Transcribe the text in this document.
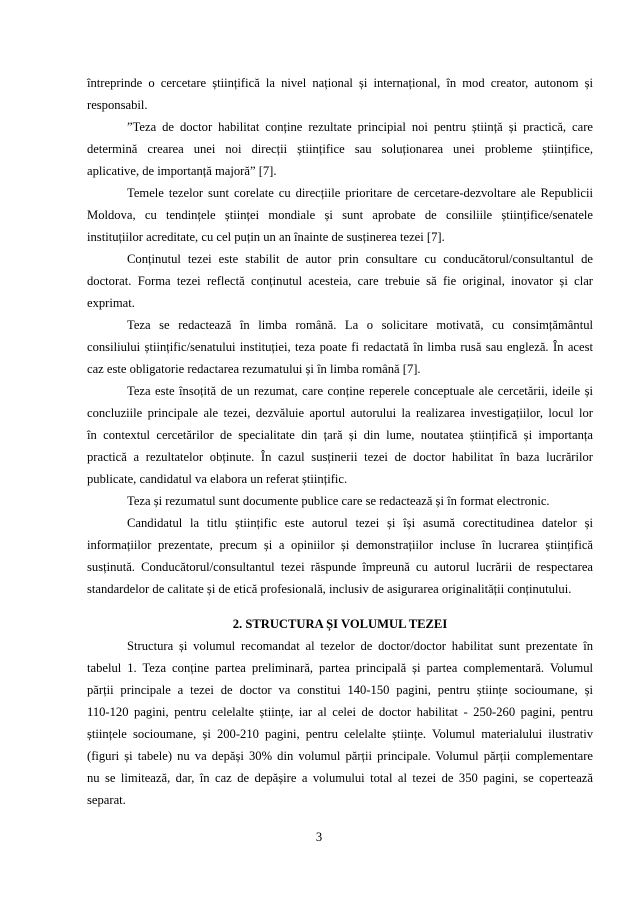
întreprinde o cercetare științifică la nivel național și internațional, în mod creator, autonom și
responsabil.
”Teza de doctor habilitat conține rezultate principial noi pentru știință și practică, care
determină crearea unei noi direcții științifice sau soluționarea unei probleme științifice,
aplicative, de importanță majoră” [7].
Temele tezelor sunt corelate cu direcțiile prioritare de cercetare-dezvoltare ale Republicii
Moldova, cu tendințele științei mondiale și sunt aprobate de consiliile științifice/senatele
instituțiilor acreditate, cu cel puțin un an înainte de susținerea tezei [7].
Conținutul tezei este stabilit de autor prin consultare cu conducătorul/consultantul de
doctorat. Forma tezei reflectă conținutul acesteia, care trebuie să fie original, inovator și clar
exprimat.
Teza se redactează în limba română. La o solicitare motivată, cu consimțământul
consiliului științific/senatului instituției, teza poate fi redactată în limba rusă sau engleză. În acest
caz este obligatorie redactarea rezumatului și în limba română [7].
Teza este însoțită de un rezumat, care conține reperele conceptuale ale cercetării, ideile și
concluziile principale ale tezei, dezvăluie aportul autorului la realizarea investigațiilor, locul lor
în contextul cercetărilor de specialitate din țară și din lume, noutatea științifică și importanța
practică a rezultatelor obținute. În cazul susținerii tezei de doctor habilitat în baza lucrărilor
publicate, candidatul va elabora un referat științific.
Teza și rezumatul sunt documente publice care se redactează și în format electronic.
Candidatul la titlu științific este autorul tezei și își asumă corectitudinea datelor și
informațiilor prezentate, precum și a opiniilor și demonstrațiilor incluse în lucrarea științifică
susținută. Conducătorul/consultantul tezei răspunde împreună cu autorul lucrării de respectarea
standardelor de calitate și de etică profesională, inclusiv de asigurarea originalității conținutului.
2. STRUCTURA ȘI VOLUMUL TEZEI
Structura și volumul recomandat al tezelor de doctor/doctor habilitat sunt prezentate în
tabelul 1. Teza conține partea preliminară, partea principală și partea complementară. Volumul
părții principale a tezei de doctor va constitui 140-150 pagini, pentru științe socioumane, și
110-120 pagini, pentru celelalte științe, iar al celei de doctor habilitat - 250-260 pagini, pentru
științele socioumane, și 200-210 pagini, pentru celelalte științe. Volumul materialului ilustrativ
(figuri și tabele) nu va depăși 30% din volumul părții principale. Volumul părții complementare
nu se limitează, dar, în caz de depășire a volumului total al tezei de 350 pagini, se copertează
separat.
3
